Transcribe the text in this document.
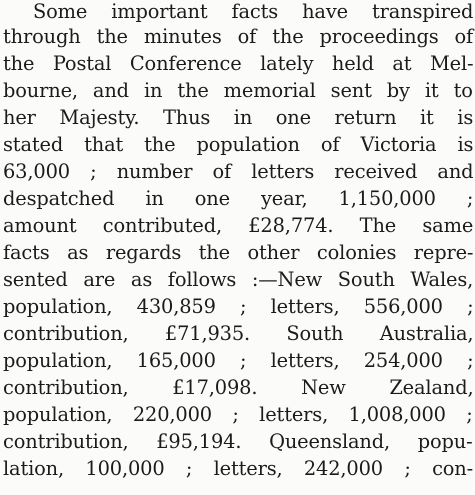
Some important facts have transpired
through the minutes of the proceedings of
the Postal Conference lately held at Mel-
bourne, and in the memorial sent by it to
her Majesty. Thus in one return it is
stated that the population of Victoria is
63,000 ; number of letters received and
despatched in one year, 1,150,000 ;
amount contributed, £28,774. The same
facts as regards the other colonies repre-
sented are as follows :—New South Wales,
population, 430,859 ; letters, 556,000 ;
contribution, £71,935. South Australia,
population, 165,000 ; letters, 254,000 ;
contribution, £17,098. New Zealand,
population, 220,000 ; letters, 1,008,000 ;
contribution, £95,194. Queensland, popu-
lation, 100,000 ; letters, 242,000 ; con-
